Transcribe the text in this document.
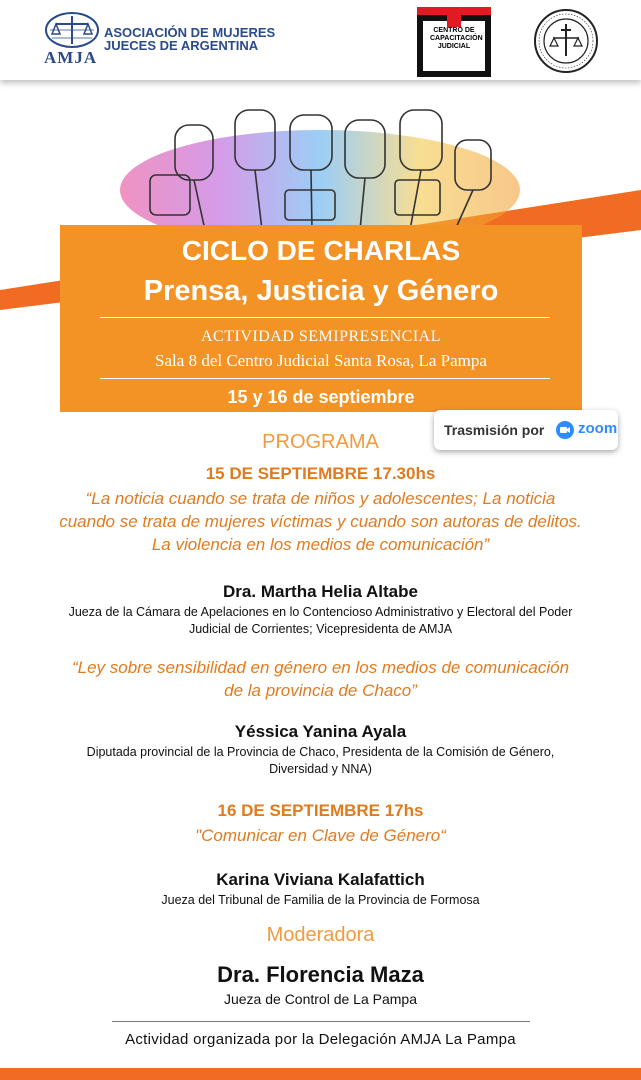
AMJA
ASOCIACIÓN DE MUJERES
JUECES DE ARGENTINA
CENTRO DE
CAPACITACIÓN
JUDICIAL
CICLO DE CHARLAS
Prensa, Justicia y Género
ACTIVIDAD SEMIPRESENCIAL
Sala 8 del Centro Judicial Santa Rosa, La Pampa
15 y 16 de septiembre
Trasmisión por zoom
PROGRAMA
15 DE SEPTIEMBRE 17.30hs
“La noticia cuando se trata de niños y adolescentes; La noticia
cuando se trata de mujeres víctimas y cuando son autoras de delitos.
La violencia en los medios de comunicación”
Dra. Martha Helia Altabe
Jueza de la Cámara de Apelaciones en lo Contencioso Administrativo y Electoral del Poder
Judicial de Corrientes; Vicepresidenta de AMJA
“Ley sobre sensibilidad en género en los medios de comunicación
de la provincia de Chaco”
Yéssica Yanina Ayala
Diputada provincial de la Provincia de Chaco, Presidenta de la Comisión de Género,
Diversidad y NNA)
16 DE SEPTIEMBRE 17hs
"Comunicar en Clave de Género“
Karina Viviana Kalafattich
Jueza del Tribunal de Familia de la Provincia de Formosa
Moderadora
Dra. Florencia Maza
Jueza de Control de La Pampa
Actividad organizada por la Delegación AMJA La Pampa
